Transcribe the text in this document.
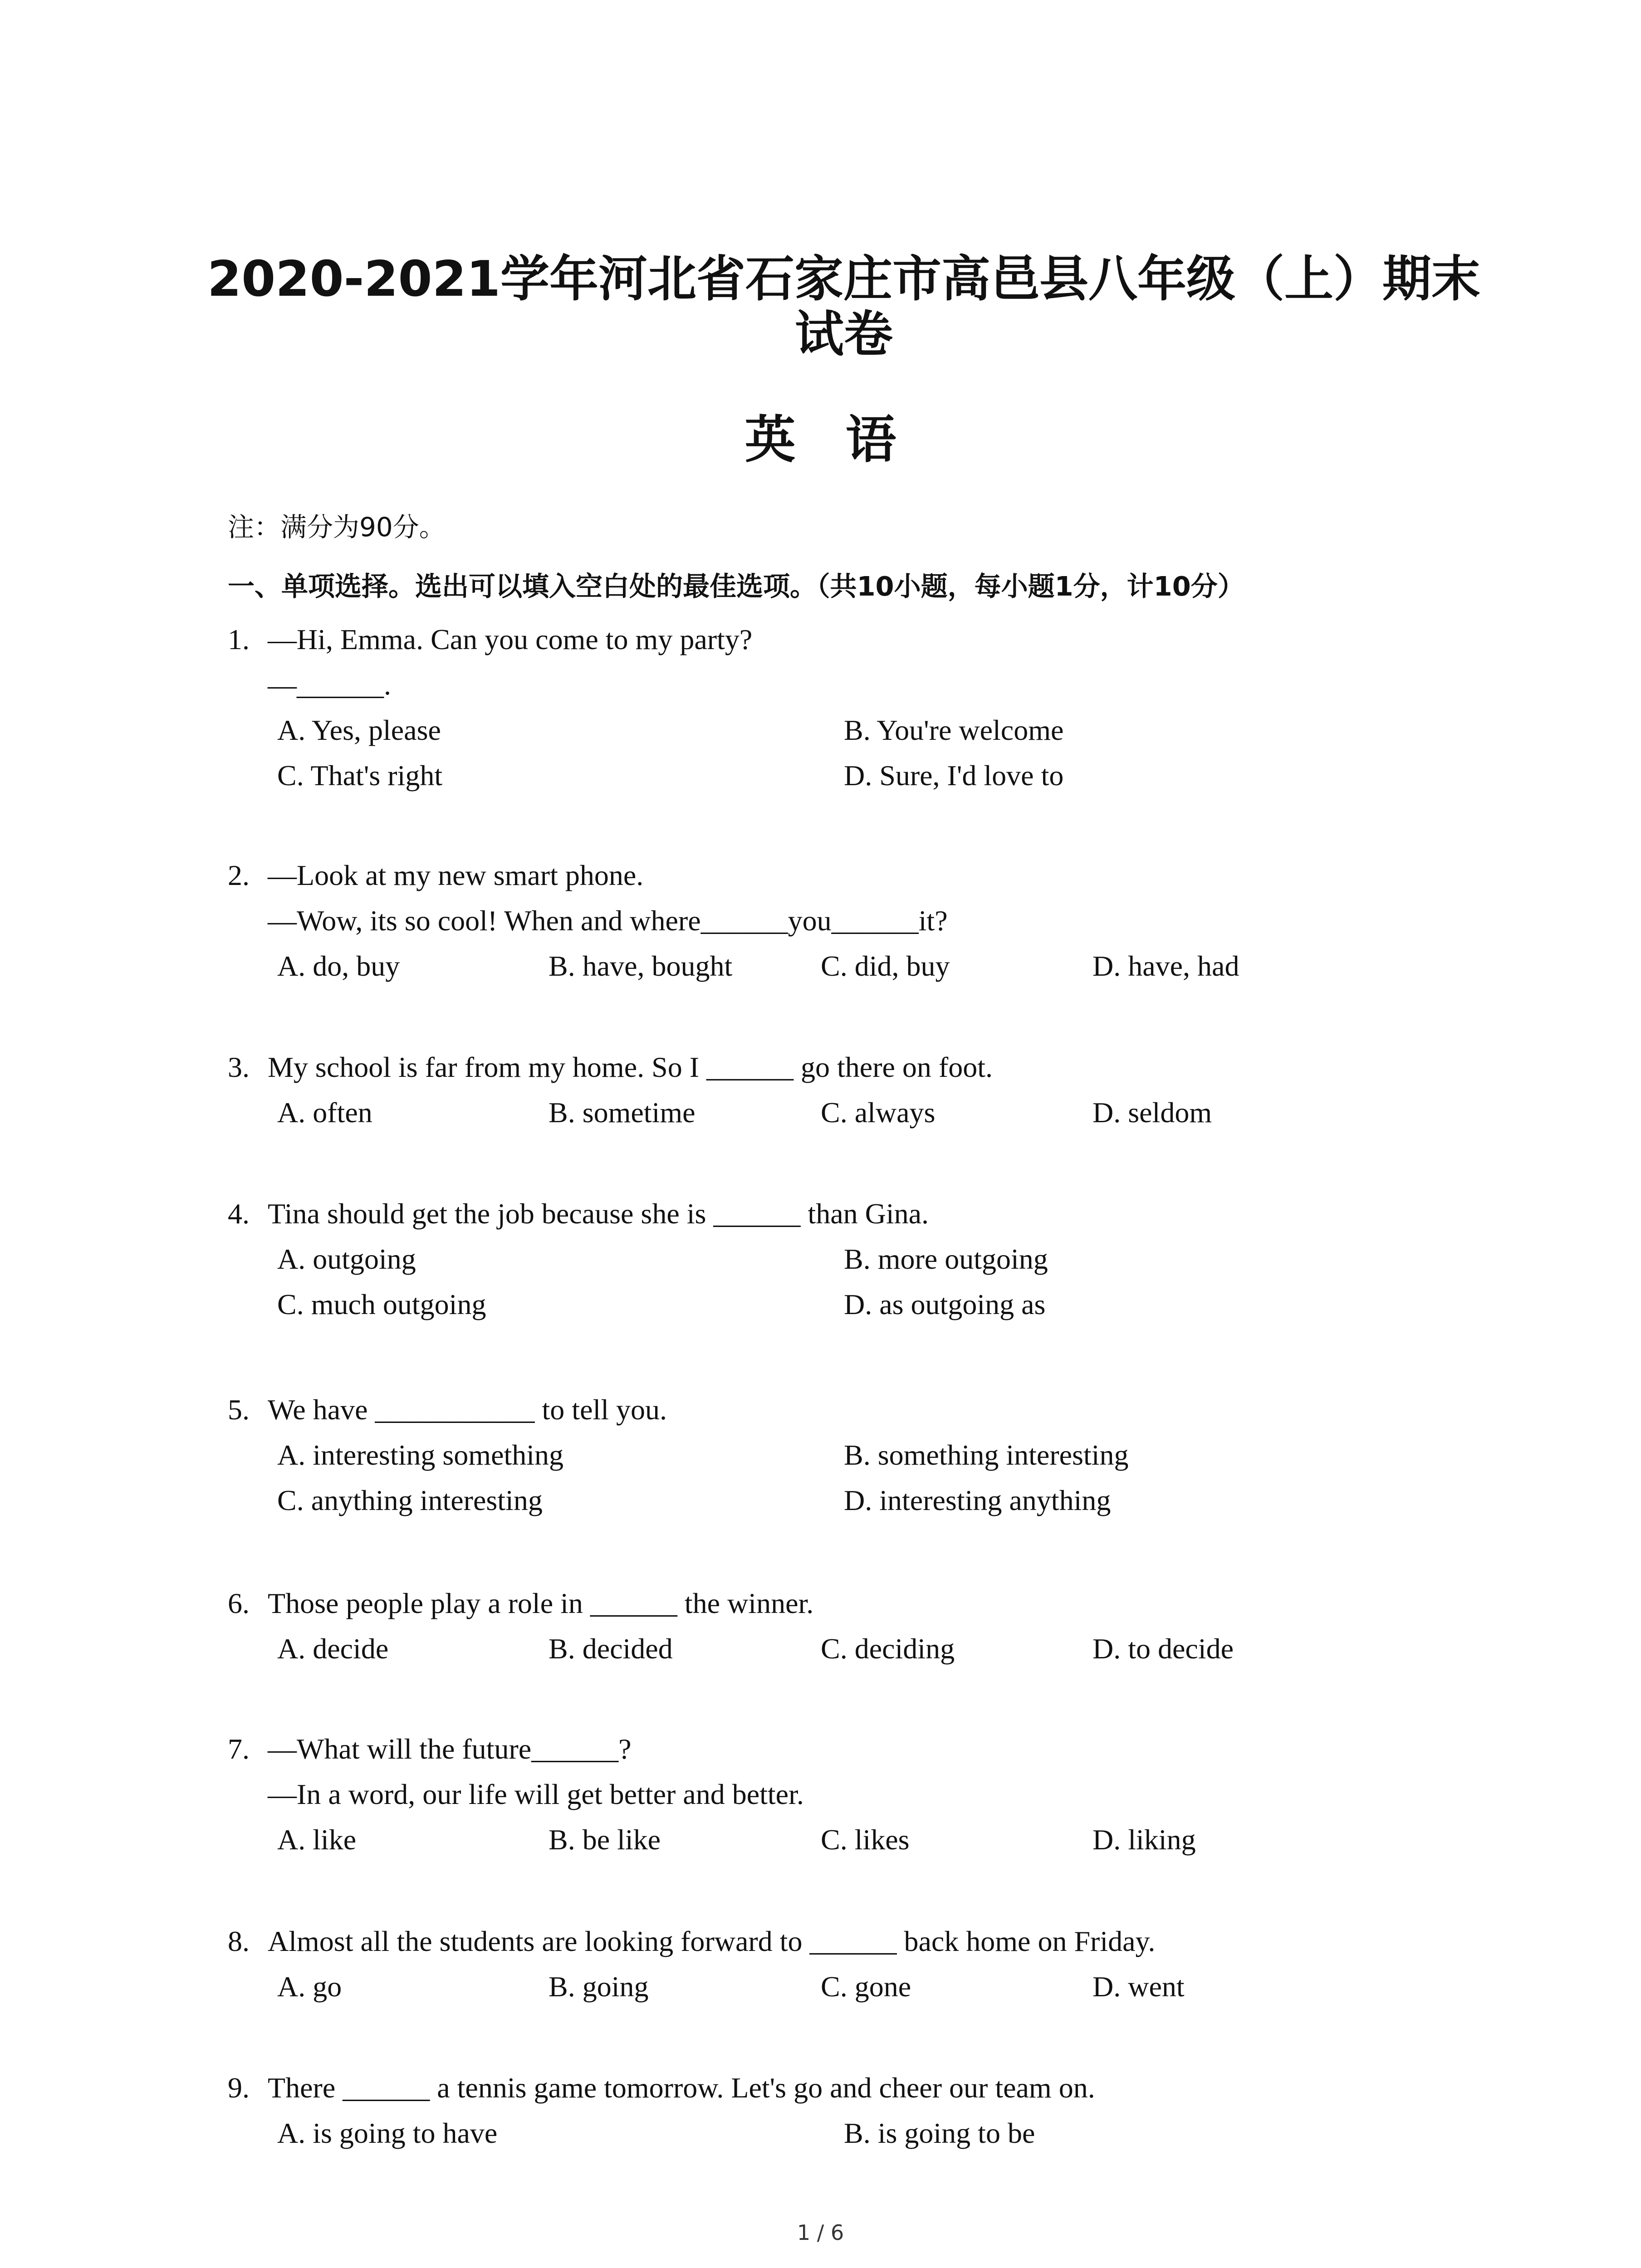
2020-2021学年河北省石家庄市高邑县八年级（上）期末试卷
英语
注：满分为90分。
一、单项选择。选出可以填入空白处的最佳选项。（共10小题，每小题1分，计10分）
1. —Hi, Emma. Can you come to my party?
—______.
A. Yes, please	B. You're welcome
C. That's right	D. Sure, I'd love to
2. —Look at my new smart phone.
—Wow, its so cool! When and where______you______it?
A. do, buy	B. have, bought	C. did, buy	D. have, had
3. My school is far from my home. So I ______ go there on foot.
A. often	B. sometime	C. always	D. seldom
4. Tina should get the job because she is ______ than Gina.
A. outgoing	B. more outgoing
C. much outgoing	D. as outgoing as
5. We have ___________ to tell you.
A. interesting something	B. something interesting
C. anything interesting	D. interesting anything
6. Those people play a role in ______ the winner.
A. decide	B. decided	C. deciding	D. to decide
7. —What will the future______?
—In a word, our life will get better and better.
A. like	B. be like	C. likes	D. liking
8. Almost all the students are looking forward to ______ back home on Friday.
A. go	B. going	C. gone	D. went
9. There ______ a tennis game tomorrow. Let's go and cheer our team on.
A. is going to have	B. is going to be
1 / 6
